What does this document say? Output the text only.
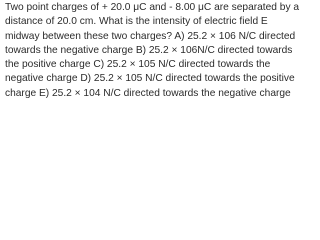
Two point charges of + 20.0 μC and - 8.00 μC are separated by a
distance of 20.0 cm. What is the intensity of electric field E
midway between these two charges? A) 25.2 × 106 N/C directed
towards the negative charge B) 25.2 × 106N/C directed towards
the positive charge C) 25.2 × 105 N/C directed towards the
negative charge D) 25.2 × 105 N/C directed towards the positive
charge E) 25.2 × 104 N/C directed towards the negative charge
